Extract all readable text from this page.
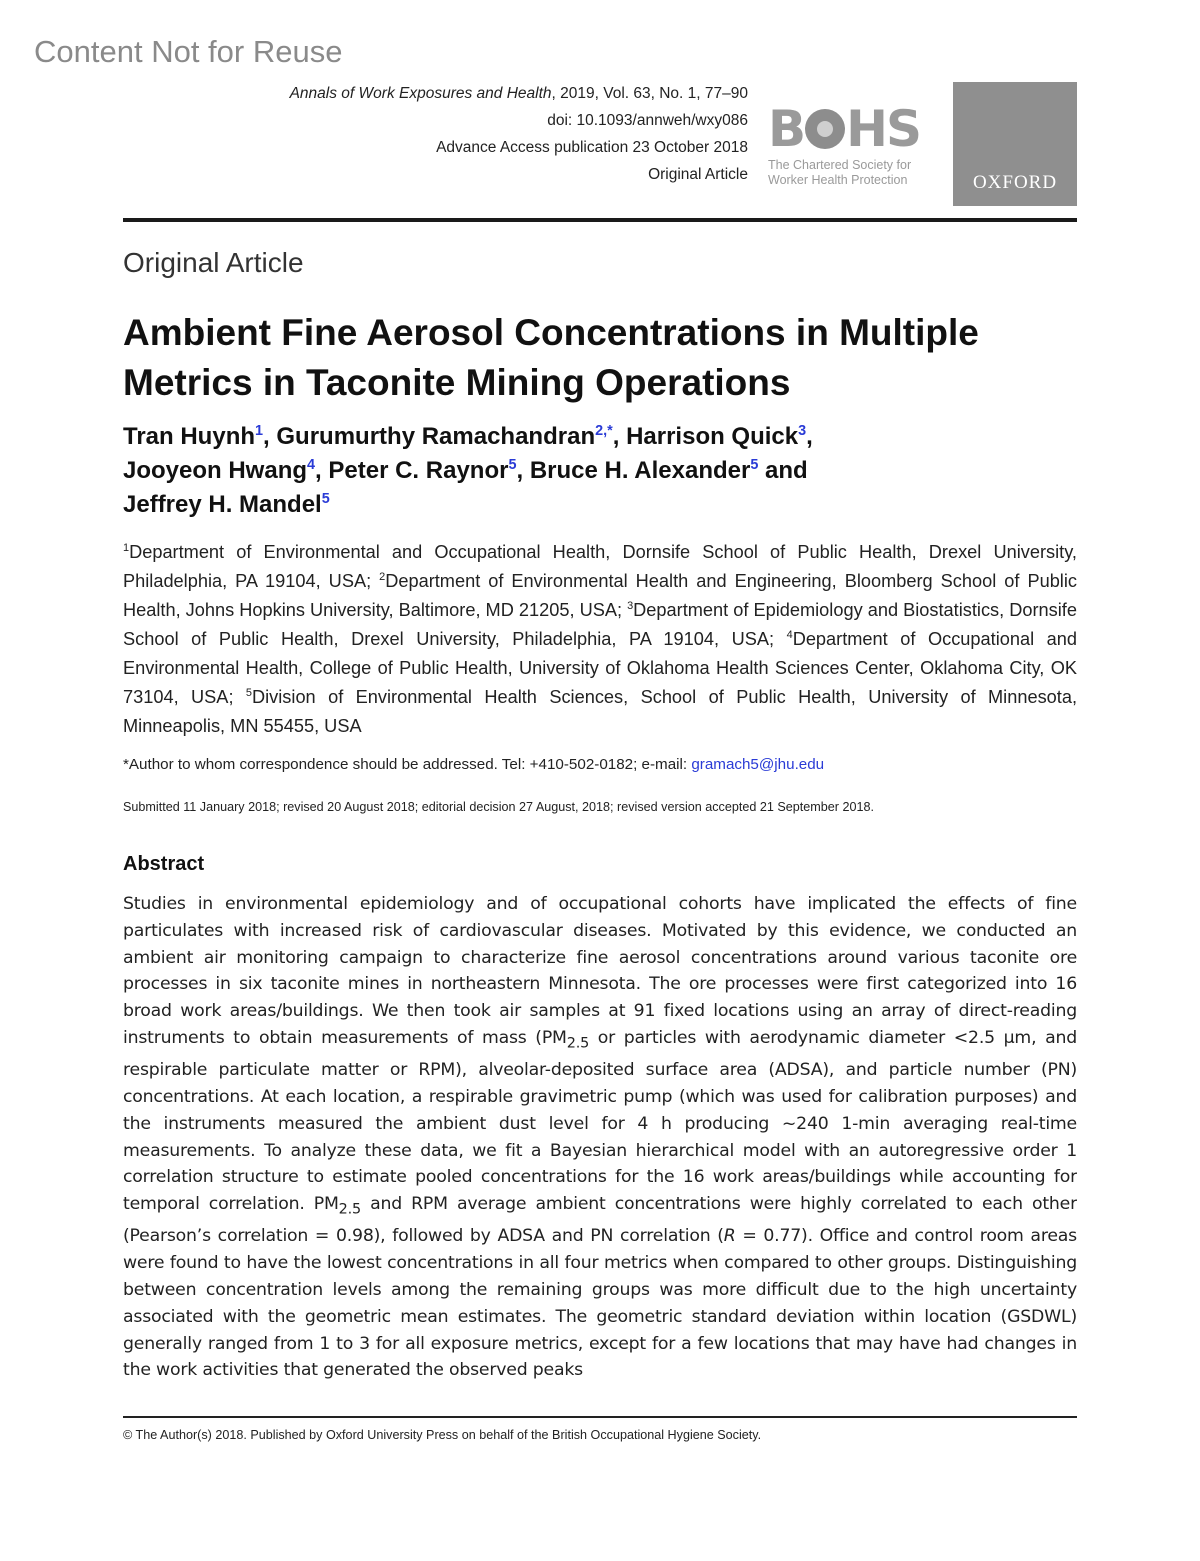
Content Not for Reuse
Annals of Work Exposures and Health, 2019, Vol. 63, No. 1, 77–90
doi: 10.1093/annweh/wxy086
Advance Access publication 23 October 2018
Original Article
B HS
The Chartered Society for
Worker Health Protection	OXFORD
Original Article
Ambient Fine Aerosol Concentrations in Multiple Metrics in Taconite Mining Operations
Tran Huynh$^1$, Gurumurthy Ramachandran$^{2,*}$, Harrison Quick$^3$,
Jooyeon Hwang$^4$, Peter C. Raynor$^5$, Bruce H. Alexander$^5$ and
Jeffrey H. Mandel$^5$
$^1$Department of Environmental and Occupational Health, Dornsife School of Public Health, Drexel University, Philadelphia, PA 19104, USA; $^2$Department of Environmental Health and Engineering, Bloomberg School of Public Health, Johns Hopkins University, Baltimore, MD 21205, USA; $^3$Department of Epidemiology and Biostatistics, Dornsife School of Public Health, Drexel University, Philadelphia, PA 19104, USA; $^4$Department of Occupational and Environmental Health, College of Public Health, University of Oklahoma Health Sciences Center, Oklahoma City, OK 73104, USA; $^5$Division of Environmental Health Sciences, School of Public Health, University of Minnesota, Minneapolis, MN 55455, USA
*Author to whom correspondence should be addressed. Tel: +410-502-0182; e-mail: gramach5@jhu.edu
Submitted 11 January 2018; revised 20 August 2018; editorial decision 27 August, 2018; revised version accepted 21 September 2018.
Abstract
Studies in environmental epidemiology and of occupational cohorts have implicated the effects of fine particulates with increased risk of cardiovascular diseases. Motivated by this evidence, we conducted an ambient air monitoring campaign to characterize fine aerosol concentrations around various taconite ore processes in six taconite mines in northeastern Minnesota. The ore processes were first categorized into 16 broad work areas/buildings. We then took air samples at 91 fixed locations using an array of direct-reading instruments to obtain measurements of mass ($PM_{2.5}$ or particles with aerodynamic diameter <2.5 µm, and respirable particulate matter or RPM), alveolar-deposited surface area (ADSA), and particle number (PN) concentrations. At each location, a respirable gravimetric pump (which was used for calibration purposes) and the instruments measured the ambient dust level for 4 h producing ~240 1-min averaging real-time measurements. To analyze these data, we fit a Bayesian hierarchical model with an autoregressive order 1 correlation structure to estimate pooled concentrations for the 16 work areas/buildings while accounting for temporal correlation. $PM_{2.5}$ and RPM average ambient concentrations were highly correlated to each other (Pearson’s correlation = 0.98), followed by ADSA and PN correlation (R = 0.77). Office and control room areas were found to have the lowest concentrations in all four metrics when compared to other groups. Distinguishing between concentration levels among the remaining groups was more difficult due to the high uncertainty associated with the geometric mean estimates. The geometric standard deviation within location (GSDWL) generally ranged from 1 to 3 for all exposure metrics, except for a few locations that may have had changes in the work activities that generated the observed peaks
© The Author(s) 2018. Published by Oxford University Press on behalf of the British Occupational Hygiene Society.
